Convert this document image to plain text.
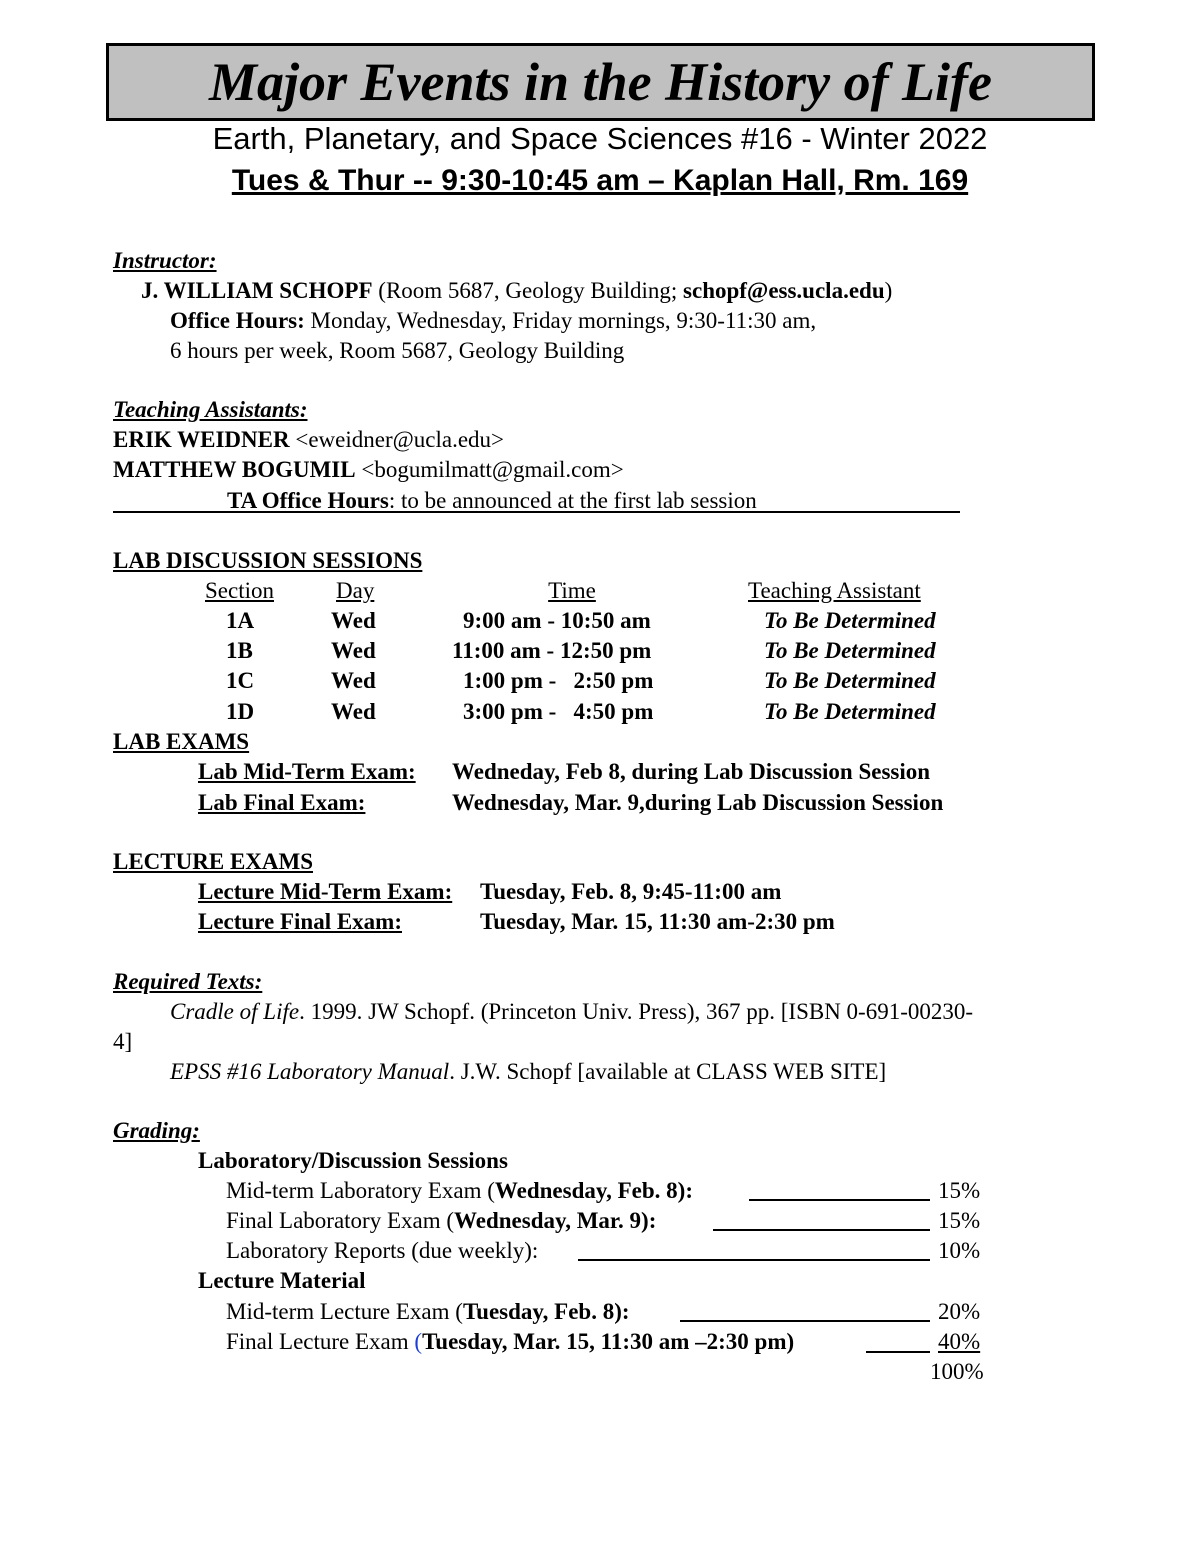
Major Events in the History of Life
Earth, Planetary, and Space Sciences #16 - Winter 2022
Tues & Thur -- 9:30-10:45 am – Kaplan Hall, Rm. 169
Instructor:
J. WILLIAM SCHOPF (Room 5687, Geology Building; schopf@ess.ucla.edu)
Office Hours: Monday, Wednesday, Friday mornings, 9:30-11:30 am,
6 hours per week, Room 5687, Geology Building
Teaching Assistants:
ERIK WEIDNER <eweidner@ucla.edu>
MATTHEW BOGUMIL <bogumilmatt@gmail.com>
TA Office Hours: to be announced at the first lab session
LAB DISCUSSION SESSIONS
Section	Day	Time	Teaching Assistant
1A	Wed	9:00 am - 10:50 am	To Be Determined
1B	Wed	11:00 am - 12:50 pm	To Be Determined
1C	Wed	1:00 pm -   2:50 pm	To Be Determined
1D	Wed	3:00 pm -   4:50 pm	To Be Determined
LAB EXAMS
Lab Mid-Term Exam: Wedneday, Feb 8, during Lab Discussion Session
Lab Final Exam:	Wednesday, Mar. 9,during Lab Discussion Session
LECTURE EXAMS
Lecture Mid-Term Exam: Tuesday, Feb. 8, 9:45-11:00 am
Lecture Final Exam:	Tuesday, Mar. 15, 11:30 am-2:30 pm
Required Texts:
Cradle of Life. 1999. JW Schopf. (Princeton Univ. Press), 367 pp. [ISBN 0-691-00230-
4]
EPSS #16 Laboratory Manual. J.W. Schopf [available at CLASS WEB SITE]
Grading:
Laboratory/Discussion Sessions
Mid-term Laboratory Exam (Wednesday, Feb. 8):	15%
Final Laboratory Exam (Wednesday, Mar. 9):	15%
Laboratory Reports (due weekly):	10%
Lecture Material
Mid-term Lecture Exam (Tuesday, Feb. 8):	20%
Final Lecture Exam (Tuesday, Mar. 15, 11:30 am –2:30 pm)	40%
100%
